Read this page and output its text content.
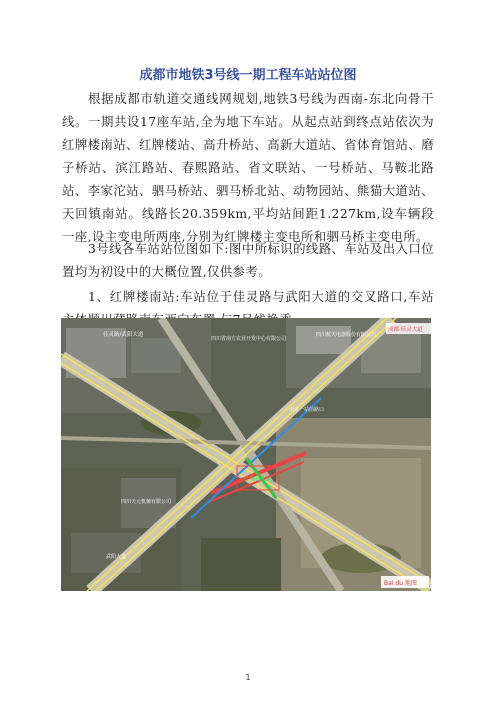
成都市地铁3号线一期工程车站站位图

根据成都市轨道交通线网规划,地铁3号线为西南-东北向骨干线。一期共设17座车站,全为地下车站。从起点站到终点站依次为红牌楼南站、红牌楼站、高升桥站、高新大道站、省体育馆站、磨子桥站、滨江路站、春熙路站、省文联站、一号桥站、马鞍北路站、李家沱站、驷马桥站、驷马桥北站、动物园站、熊猫大道站、天回镇南站。线路长20.359km,平均站间距1.227km,设车辆段一座,设主变电所两座,分别为红牌楼主变电所和驷马桥主变电所。

3号线各车站站位图如下:图中所标识的线路、车站及出入口位置均为初设中的大概位置,仅供参考。

1、红牌楼南站:车站位于佳灵路与武阳大道的交叉路口,车站

佳灵路/武阳大道
四川省南方农业开发中心有限公司
四川航天电器股份有限公司
成都·佳灵大道
南泉一站前路口
红牌楼南站
四川天元机械有限公司
武阳大道
Bai du 地图
1
